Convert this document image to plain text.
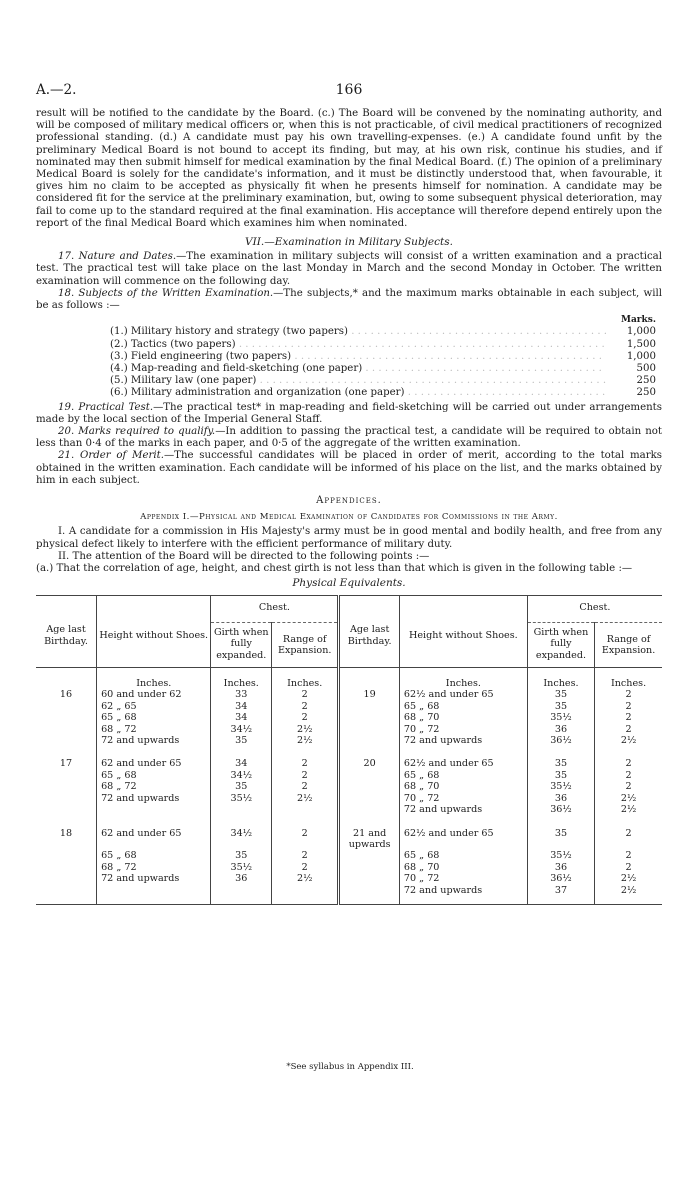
A.—2.	166

result will be notified to the candidate by the Board. (c.) The Board will be convened by the nominating authority, and will be composed of military medical officers or, when this is not practicable, of civil medical practitioners of recognized professional standing. (d.) A candidate must pay his own travelling-expenses. (e.) A candidate found unfit by the preliminary Medical Board is not bound to accept its finding, but may, at his own risk, continue his studies, and if nominated may then submit himself for medical examination by the final Medical Board. (f.) The opinion of a preliminary Medical Board is solely for the candidate's information, and it must be distinctly understood that, when favourable, it gives him no claim to be accepted as physically fit when he presents himself for nomination. A candidate may be considered fit for the service at the preliminary examination, but, owing to some subsequent physical deterioration, may fail to come up to the standard required at the final examination. His acceptance will therefore depend entirely upon the report of the final Medical Board which examines him when nominated.

VII.—Examination in Military Subjects.

17. Nature and Dates.—The examination in military subjects will consist of a written examination and a practical test. The practical test will take place on the last Monday in March and the second Monday in October. The written examination will commence on the following day.

18. Subjects of the Written Examination.—The subjects,* and the maximum marks obtainable in each subject, will be as follows :—

Marks.
(1.) Military history and strategy (two papers) . . .	1,000
(2.) Tactics (two papers) . . .	1,500
(3.) Field engineering (two papers) . . .	1,000
(4.) Map-reading and field-sketching (one paper) . . .	500
(5.) Military law (one paper) . . .	250
(6.) Military administration and organization (one paper) . . .	250

19. Practical Test.—The practical test* in map-reading and field-sketching will be carried out under arrangements made by the local section of the Imperial General Staff.

20. Marks required to qualify.—In addition to passing the practical test, a candidate will be required to obtain not less than 0·4 of the marks in each paper, and 0·5 of the aggregate of the written examination.

21. Order of Merit.—The successful candidates will be placed in order of merit, according to the total marks obtained in the written examination. Each candidate will be informed of his place on the list, and the marks obtained by him in each subject.

Appendices.
Appendix I.—Physical and Medical Examination of Candidates for Commissions in the Army.

I. A candidate for a commission in His Majesty's army must be in good mental and bodily health, and free from any physical defect likely to interfere with the efficient performance of military duty.

II. The attention of the Board will be directed to the following points :—

(a.) That the correlation of age, height, and chest girth is not less than that which is given in the following table :—

Physical Equivalents.
Age last Birthday.	Height without Shoes.	Chest.		Age last Birthday.	Height without Shoes.	Chest.	
		Girth when fully expanded.	Range of Expansion.			Girth when fully expanded.	Range of Expansion.
	Inches.	Inches.	Inches.		Inches.	Inches.	Inches.
16	60 and under 62	33	2	19	62½ and under 65	35	2
	62 „ 65	34	2		65 „ 68	35	2
	65 „ 68	34	2		68 „ 70	35½	2
	68 „ 72	34½	2½		70 „ 72	36	2
	72 and upwards	35	2½		72 and upwards	36½	2½
17	62 and under 65	34	2	20	62½ and under 65	35	2
	65 „ 68	34½	2		65 „ 68	35	2
	68 „ 72	35	2		68 „ 70	35½	2
	72 and upwards	35½	2½		70 „ 72	36	2½
					72 and upwards	36½	2½
18	62 and under 65	34½	2	21 and upwards	62½ and under 65	35	2
	65 „ 68	35	2		65 „ 68	35½	2
	68 „ 72	35½	2		68 „ 70	36	2
	72 and upwards	36	2½		70 „ 72	36½	2½
					72 and upwards	37	2½

*See syllabus in Appendix III.
